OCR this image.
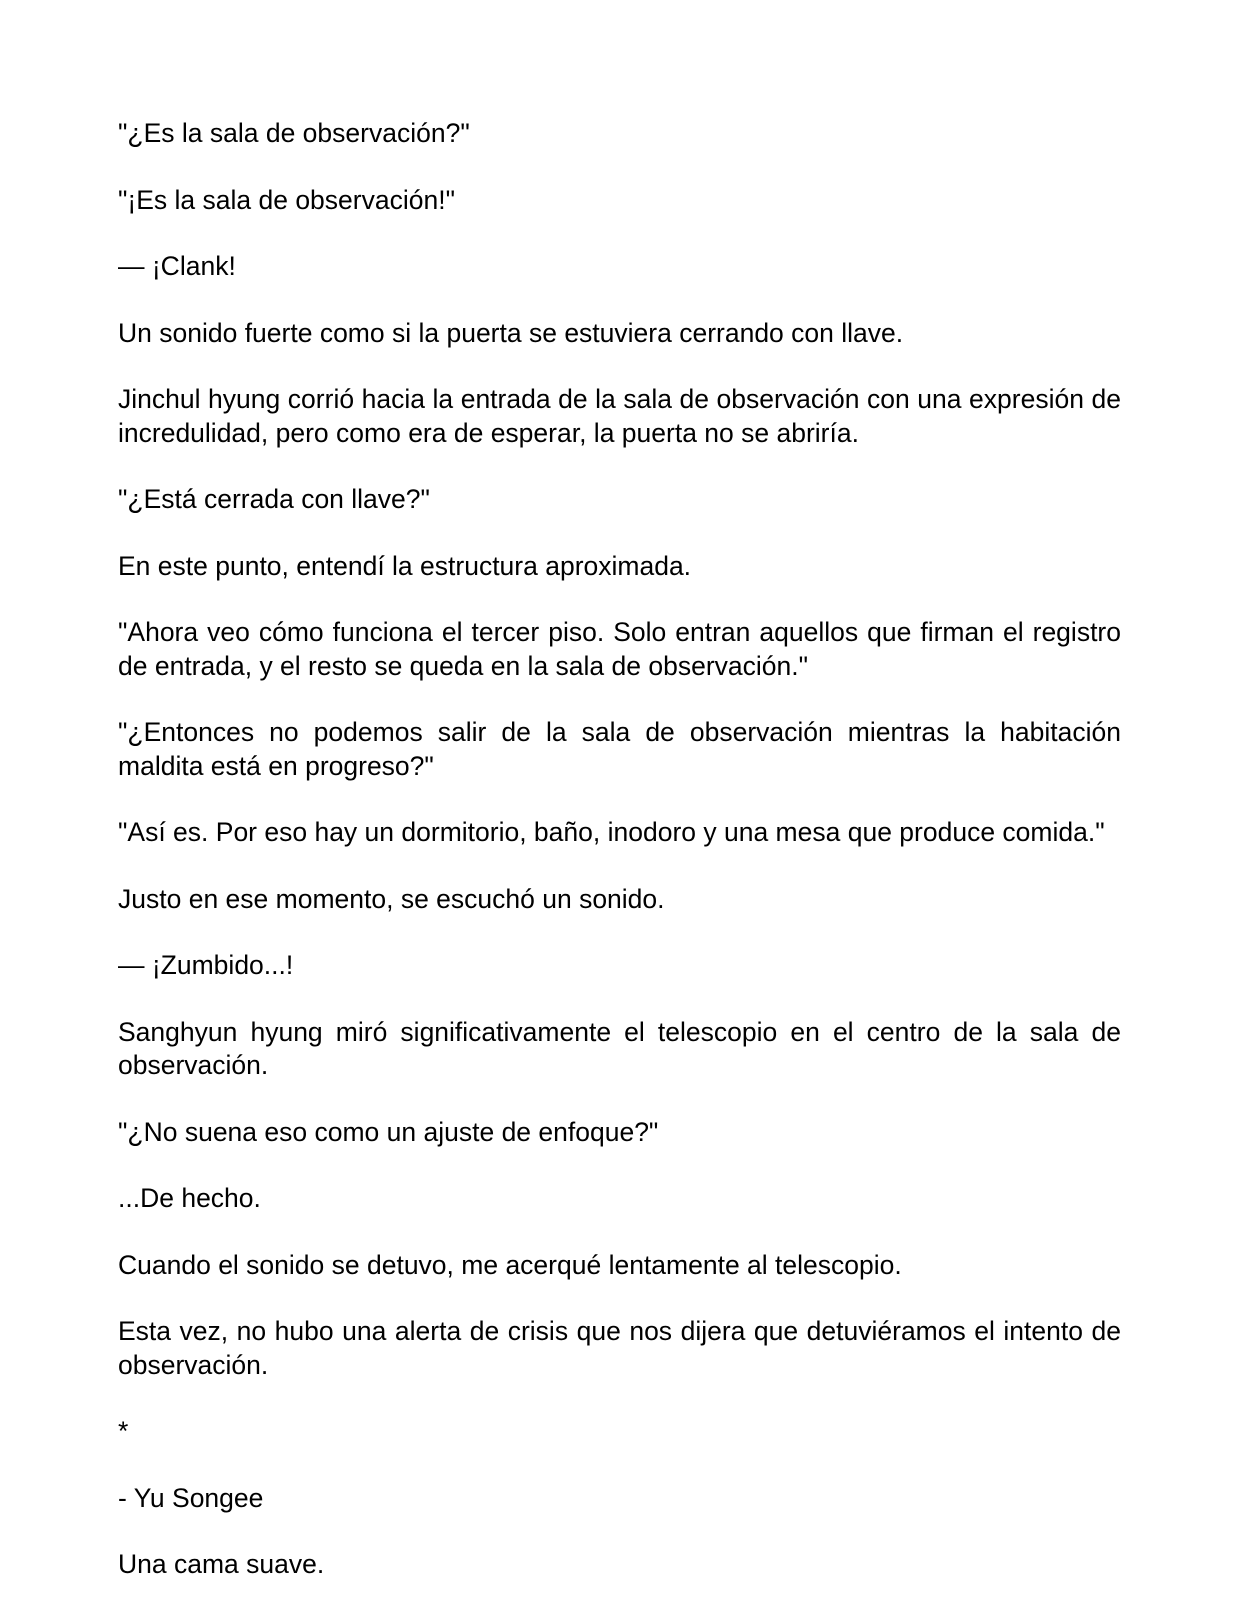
"¿Es la sala de observación?"

"¡Es la sala de observación!"

— ¡Clank!

Un sonido fuerte como si la puerta se estuviera cerrando con llave.

Jinchul hyung corrió hacia la entrada de la sala de observación con una expresión de incredulidad, pero como era de esperar, la puerta no se abriría.

"¿Está cerrada con llave?"

En este punto, entendí la estructura aproximada.

"Ahora veo cómo funciona el tercer piso. Solo entran aquellos que firman el registro de entrada, y el resto se queda en la sala de observación."

"¿Entonces no podemos salir de la sala de observación mientras la habitación maldita está en progreso?"

"Así es. Por eso hay un dormitorio, baño, inodoro y una mesa que produce comida."

Justo en ese momento, se escuchó un sonido.

— ¡Zumbido...!

Sanghyun hyung miró significativamente el telescopio en el centro de la sala de observación.

"¿No suena eso como un ajuste de enfoque?"

...De hecho.

Cuando el sonido se detuvo, me acerqué lentamente al telescopio.

Esta vez, no hubo una alerta de crisis que nos dijera que detuviéramos el intento de observación.

*

- Yu Songee

Una cama suave.
